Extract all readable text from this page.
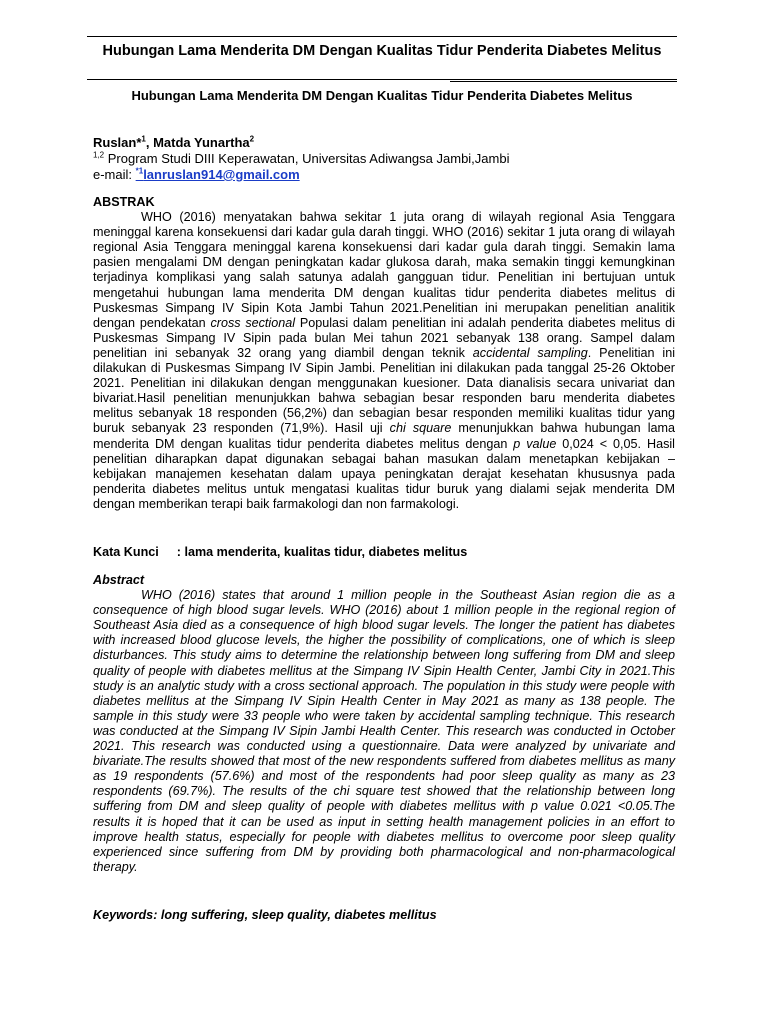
Hubungan Lama Menderita DM Dengan Kualitas Tidur Penderita Diabetes Melitus
Hubungan Lama Menderita DM Dengan Kualitas Tidur Penderita Diabetes Melitus
Ruslan*$^1$, Matda Yunartha$^2$
$^{1,2}$ Program Studi DIII Keperawatan, Universitas Adiwangsa Jambi,Jambi
e-mail: $^{*1}$lanruslan914@gmail.com
ABSTRAK

WHO (2016) menyatakan bahwa sekitar 1 juta orang di wilayah regional Asia Tenggara meninggal karena konsekuensi dari kadar gula darah tinggi. WHO (2016) sekitar 1 juta orang di wilayah regional Asia Tenggara meninggal karena konsekuensi dari kadar gula darah tinggi. Semakin lama pasien mengalami DM dengan peningkatan kadar glukosa darah, maka semakin tinggi kemungkinan terjadinya komplikasi yang salah satunya adalah gangguan tidur. Penelitian ini bertujuan untuk mengetahui hubungan lama menderita DM dengan kualitas tidur penderita diabetes melitus di Puskesmas Simpang IV Sipin Kota Jambi Tahun 2021.Penelitian ini merupakan penelitian analitik dengan pendekatan cross sectional Populasi dalam penelitian ini adalah penderita diabetes melitus di Puskesmas Simpang IV Sipin pada bulan Mei tahun 2021 sebanyak 138 orang. Sampel dalam penelitian ini sebanyak 32 orang yang diambil dengan teknik accidental sampling. Penelitian ini dilakukan di Puskesmas Simpang IV Sipin Jambi. Penelitian ini dilakukan pada tanggal 25-26 Oktober 2021. Penelitian ini dilakukan dengan menggunakan kuesioner. Data dianalisis secara univariat dan bivariat.Hasil penelitian menunjukkan bahwa sebagian besar responden baru menderita diabetes melitus sebanyak 18 responden (56,2%) dan sebagian besar responden memiliki kualitas tidur yang buruk sebanyak 23 responden (71,9%). Hasil uji chi square menunjukkan bahwa hubungan lama menderita DM dengan kualitas tidur penderita diabetes melitus dengan p value 0,024 < 0,05. Hasil penelitian diharapkan dapat digunakan sebagai bahan masukan dalam menetapkan kebijakan – kebijakan manajemen kesehatan dalam upaya peningkatan derajat kesehatan khususnya pada penderita diabetes melitus untuk mengatasi kualitas tidur buruk yang dialami sejak menderita DM dengan memberikan terapi baik farmakologi dan non farmakologi.

Kata Kunci : lama menderita, kualitas tidur, diabetes melitus
Abstract

WHO (2016) states that around 1 million people in the Southeast Asian region die as a consequence of high blood sugar levels. WHO (2016) about 1 million people in the regional region of Southeast Asia died as a consequence of high blood sugar levels. The longer the patient has diabetes with increased blood glucose levels, the higher the possibility of complications, one of which is sleep disturbances. This study aims to determine the relationship between long suffering from DM and sleep quality of people with diabetes mellitus at the Simpang IV Sipin Health Center, Jambi City in 2021.This study is an analytic study with a cross sectional approach. The population in this study were people with diabetes mellitus at the Simpang IV Sipin Health Center in May 2021 as many as 138 people. The sample in this study were 33 people who were taken by accidental sampling technique. This research was conducted at the Simpang IV Sipin Jambi Health Center. This research was conducted in October 2021. This research was conducted using a questionnaire. Data were analyzed by univariate and bivariate.The results showed that most of the new respondents suffered from diabetes mellitus as many as 19 respondents (57.6%) and most of the respondents had poor sleep quality as many as 23 respondents (69.7%). The results of the chi square test showed that the relationship between long suffering from DM and sleep quality of people with diabetes mellitus with p value 0.021 <0.05.The results it is hoped that it can be used as input in setting health management policies in an effort to improve health status, especially for people with diabetes mellitus to overcome poor sleep quality experienced since suffering from DM by providing both pharmacological and non-pharmacological therapy.

Keywords: long suffering, sleep quality, diabetes mellitus
